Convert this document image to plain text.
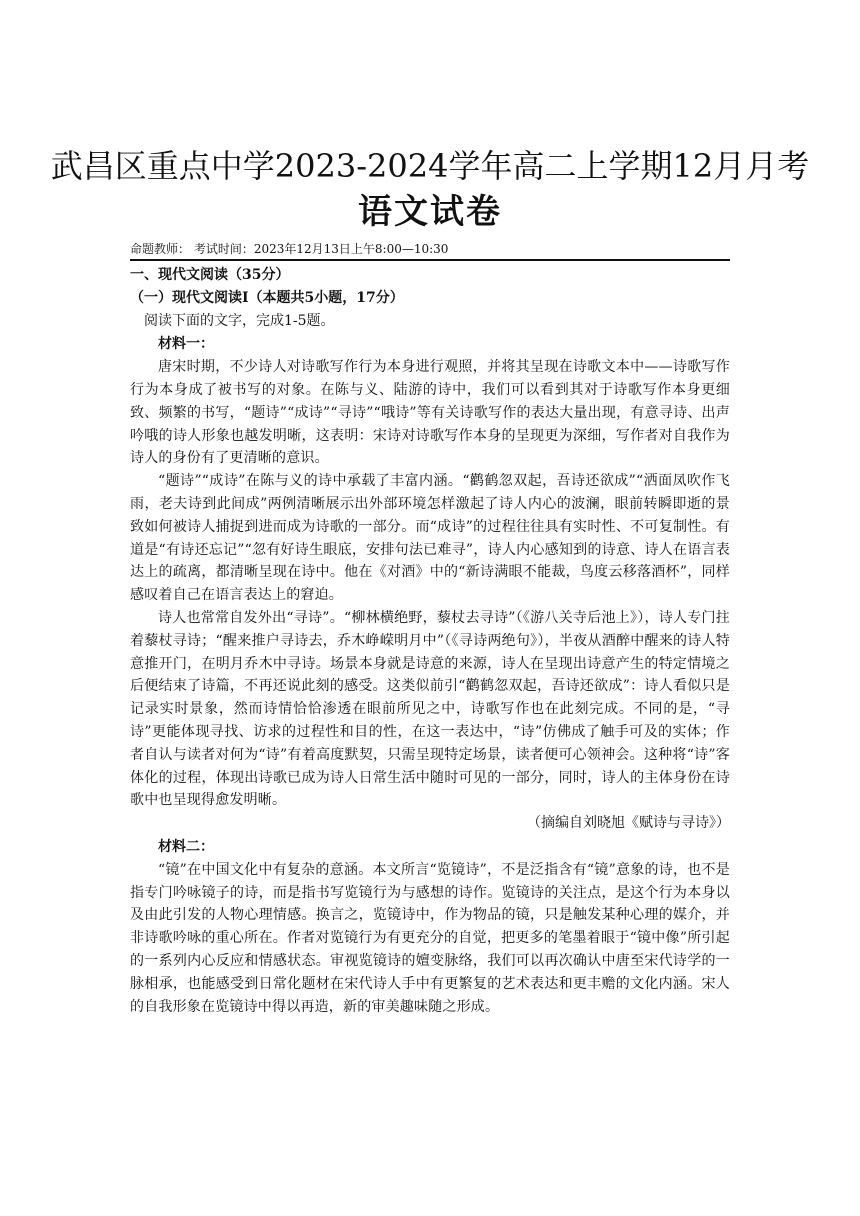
武昌区重点中学2023-2024学年高二上学期12月月考
语文试卷
命题教师： 考试时间：2023年12月13日上午8:00—10:30
一、现代文阅读（35分）
（一）现代文阅读I（本题共5小题，17分）
阅读下面的文字，完成1-5题。
材料一：
唐宋时期，不少诗人对诗歌写作行为本身进行观照，并将其呈现在诗歌文本中——诗歌写作行为本身成了被书写的对象。在陈与义、陆游的诗中，我们可以看到其对于诗歌写作本身更细致、频繁的书写，“题诗”“成诗”“寻诗”“哦诗”等有关诗歌写作的表达大量出现，有意寻诗、出声吟哦的诗人形象也越发明晰，这表明：宋诗对诗歌写作本身的呈现更为深细，写作者对自我作为诗人的身份有了更清晰的意识。
“题诗”“成诗”在陈与义的诗中承载了丰富内涵。“鹳鹤忽双起，吾诗还欲成”“洒面凤吹作飞雨，老夫诗到此间成”两例清晰展示出外部环境怎样激起了诗人内心的波澜，眼前转瞬即逝的景致如何被诗人捕捉到进而成为诗歌的一部分。而“成诗”的过程往往具有实时性、不可复制性。有道是“有诗还忘记”“忽有好诗生眼底，安排句法已难寻”，诗人内心感知到的诗意、诗人在语言表达上的疏离，都清晰呈现在诗中。他在《对酒》中的“新诗满眼不能裁，鸟度云移落酒杯”，同样感叹着自己在语言表达上的窘迫。
诗人也常常自发外出“寻诗”。“柳林横绝野，藜杖去寻诗”（《游八关寺后池上》），诗人专门拄着藜杖寻诗；“醒来推户寻诗去，乔木峥嵘明月中”（《寻诗两绝句》），半夜从酒醉中醒来的诗人特意推开门，在明月乔木中寻诗。场景本身就是诗意的来源，诗人在呈现出诗意产生的特定情境之后便结束了诗篇，不再还说此刻的感受。这类似前引“鹳鹤忽双起，吾诗还欲成”：诗人看似只是记录实时景象，然而诗情恰恰渗透在眼前所见之中，诗歌写作也在此刻完成。不同的是，“寻诗”更能体现寻找、访求的过程性和目的性，在这一表达中，“诗”仿佛成了触手可及的实体；作者自认与读者对何为“诗”有着高度默契，只需呈现特定场景，读者便可心领神会。这种将“诗”客体化的过程，体现出诗歌已成为诗人日常生活中随时可见的一部分，同时，诗人的主体身份在诗歌中也呈现得愈发明晰。
（摘编自刘晓旭《赋诗与寻诗》）
材料二：
“镜”在中国文化中有复杂的意涵。本文所言“览镜诗”，不是泛指含有“镜”意象的诗，也不是指专门吟咏镜子的诗，而是指书写览镜行为与感想的诗作。览镜诗的关注点，是这个行为本身以及由此引发的人物心理情感。换言之，览镜诗中，作为物品的镜，只是触发某种心理的媒介，并非诗歌吟咏的重心所在。作者对览镜行为有更充分的自觉，把更多的笔墨着眼于“镜中像”所引起的一系列内心反应和情感状态。审视览镜诗的嬗变脉络，我们可以再次确认中唐至宋代诗学的一脉相承，也能感受到日常化题材在宋代诗人手中有更繁复的艺术表达和更丰赡的文化内涵。宋人的自我形象在览镜诗中得以再造，新的审美趣味随之形成。
